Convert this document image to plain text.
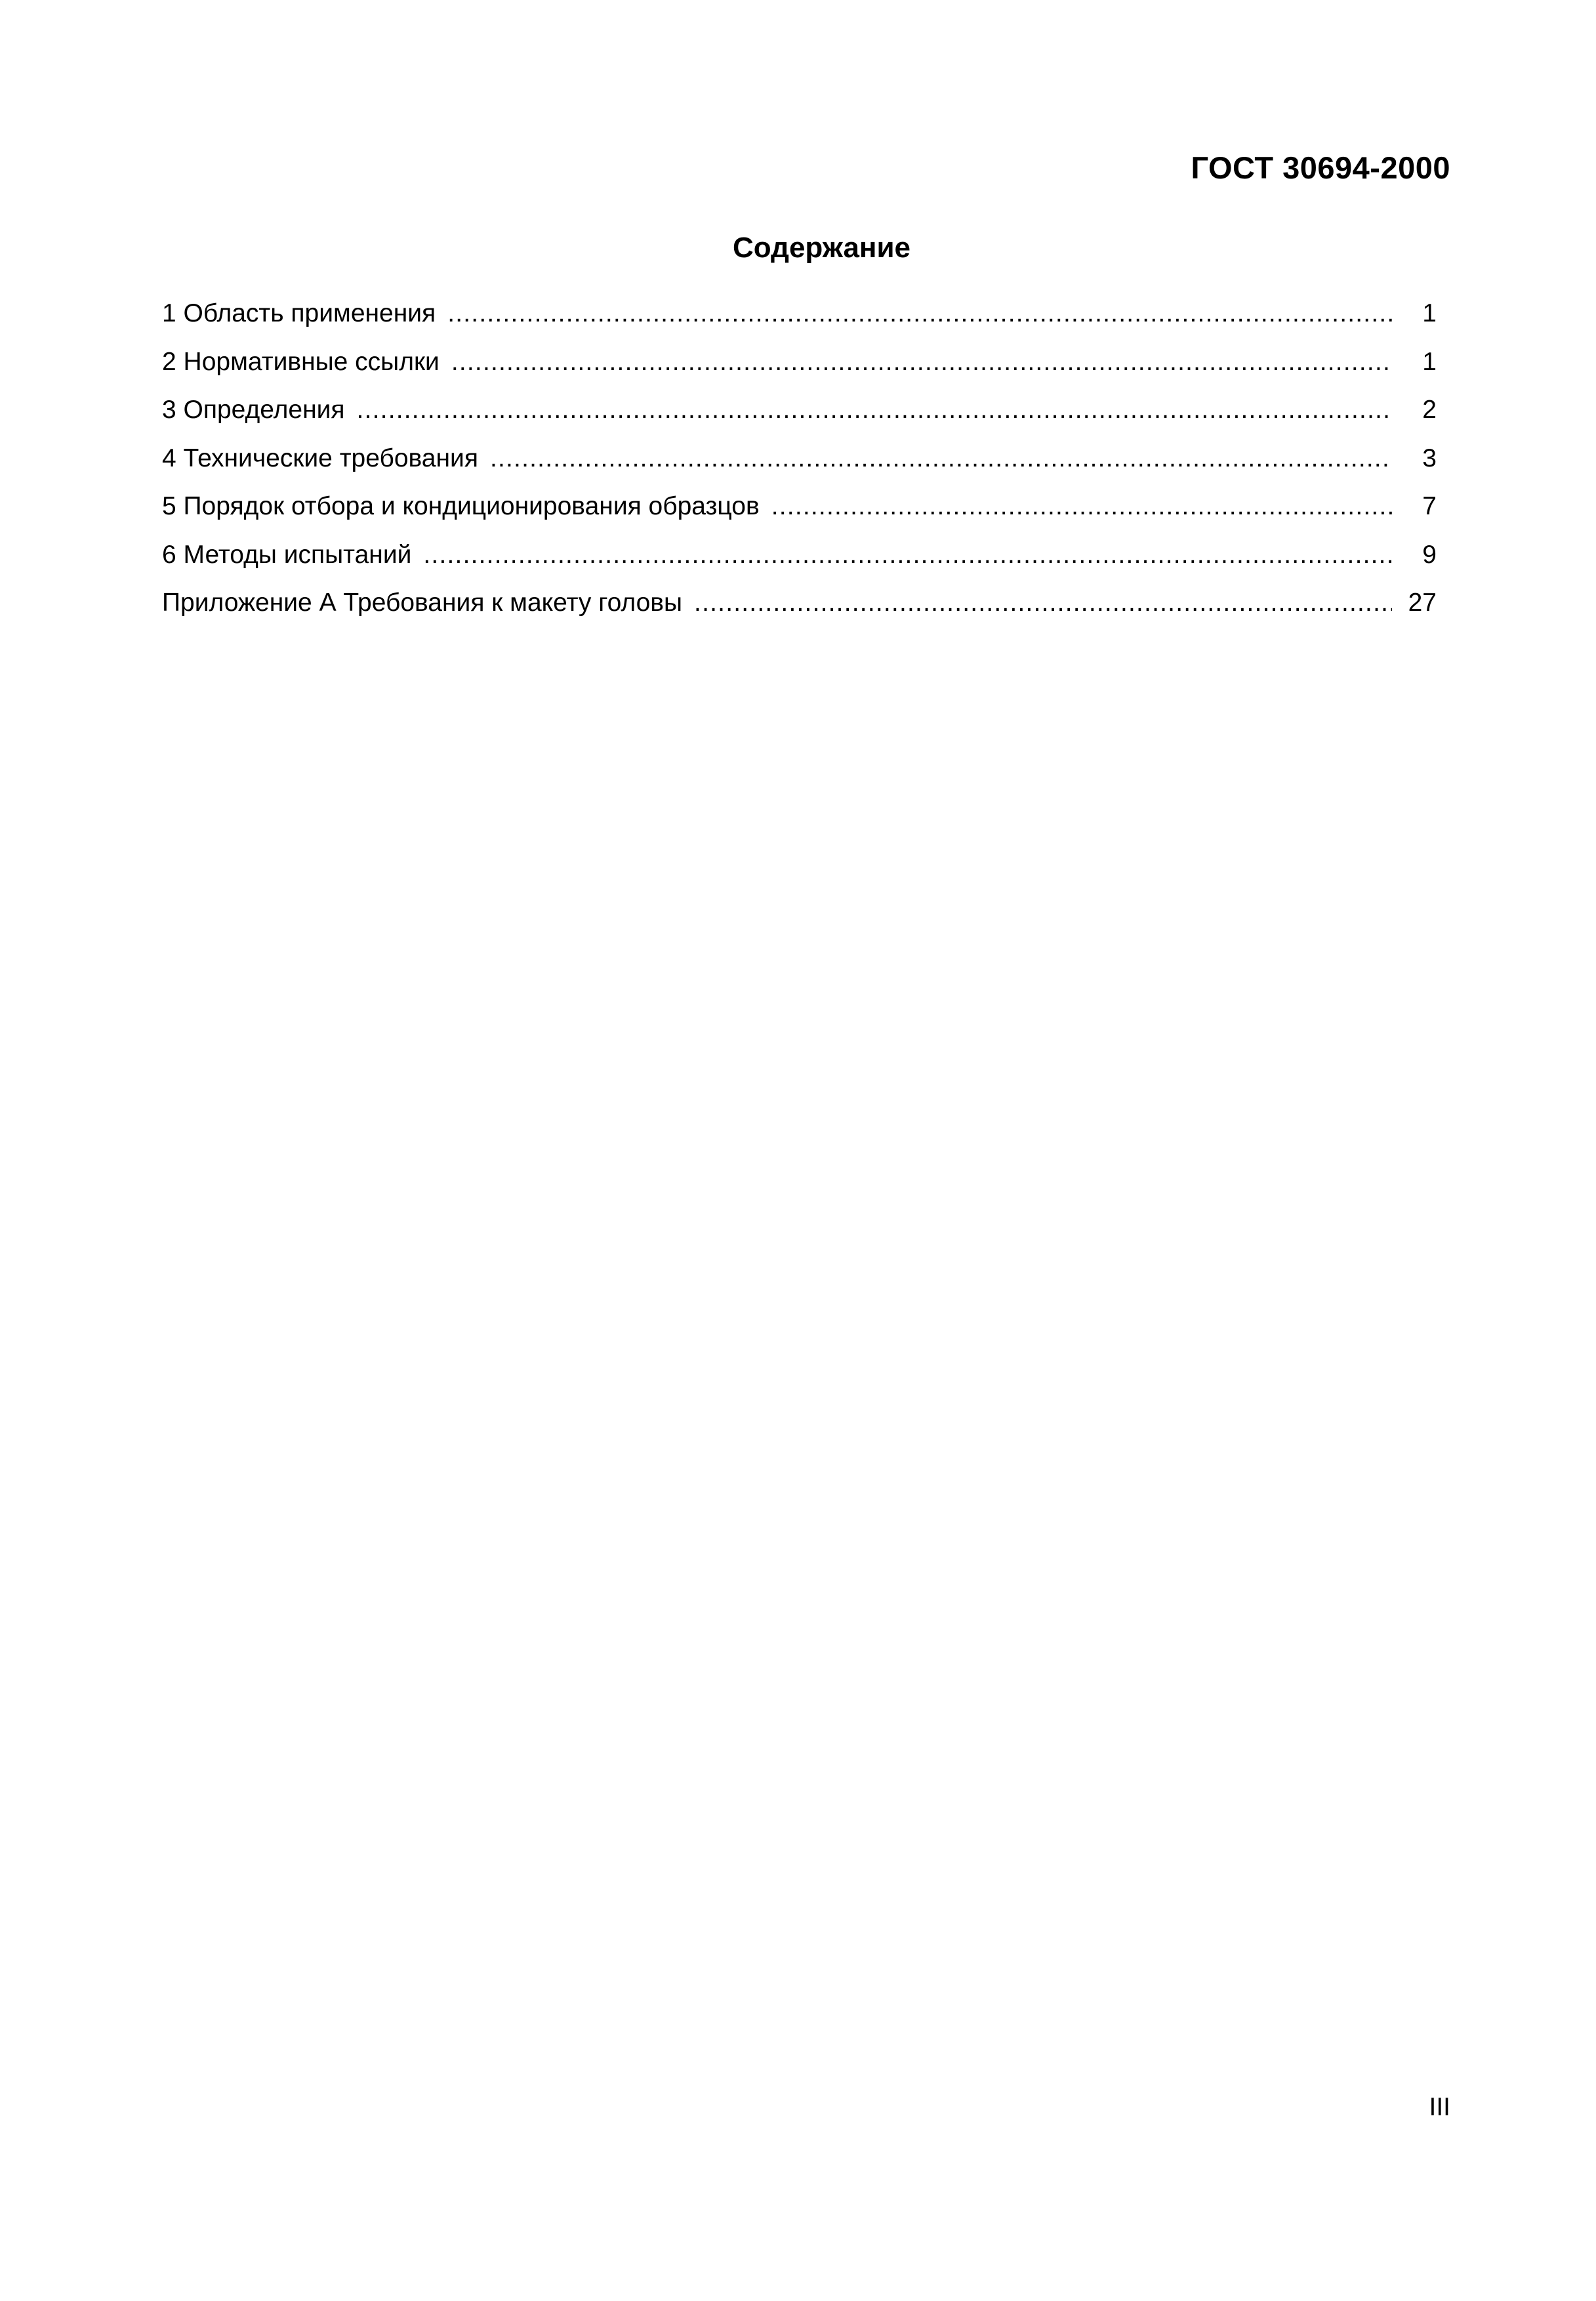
ГОСТ 30694-2000
Содержание
1 Область применения .....	1
2 Нормативные ссылки .....	1
3 Определения .....	2
4 Технические требования .....	3
5 Порядок отбора и кондиционирования образцов .....	7
6 Методы испытаний .....	9
Приложение А Требования к макету головы .....	27
III
